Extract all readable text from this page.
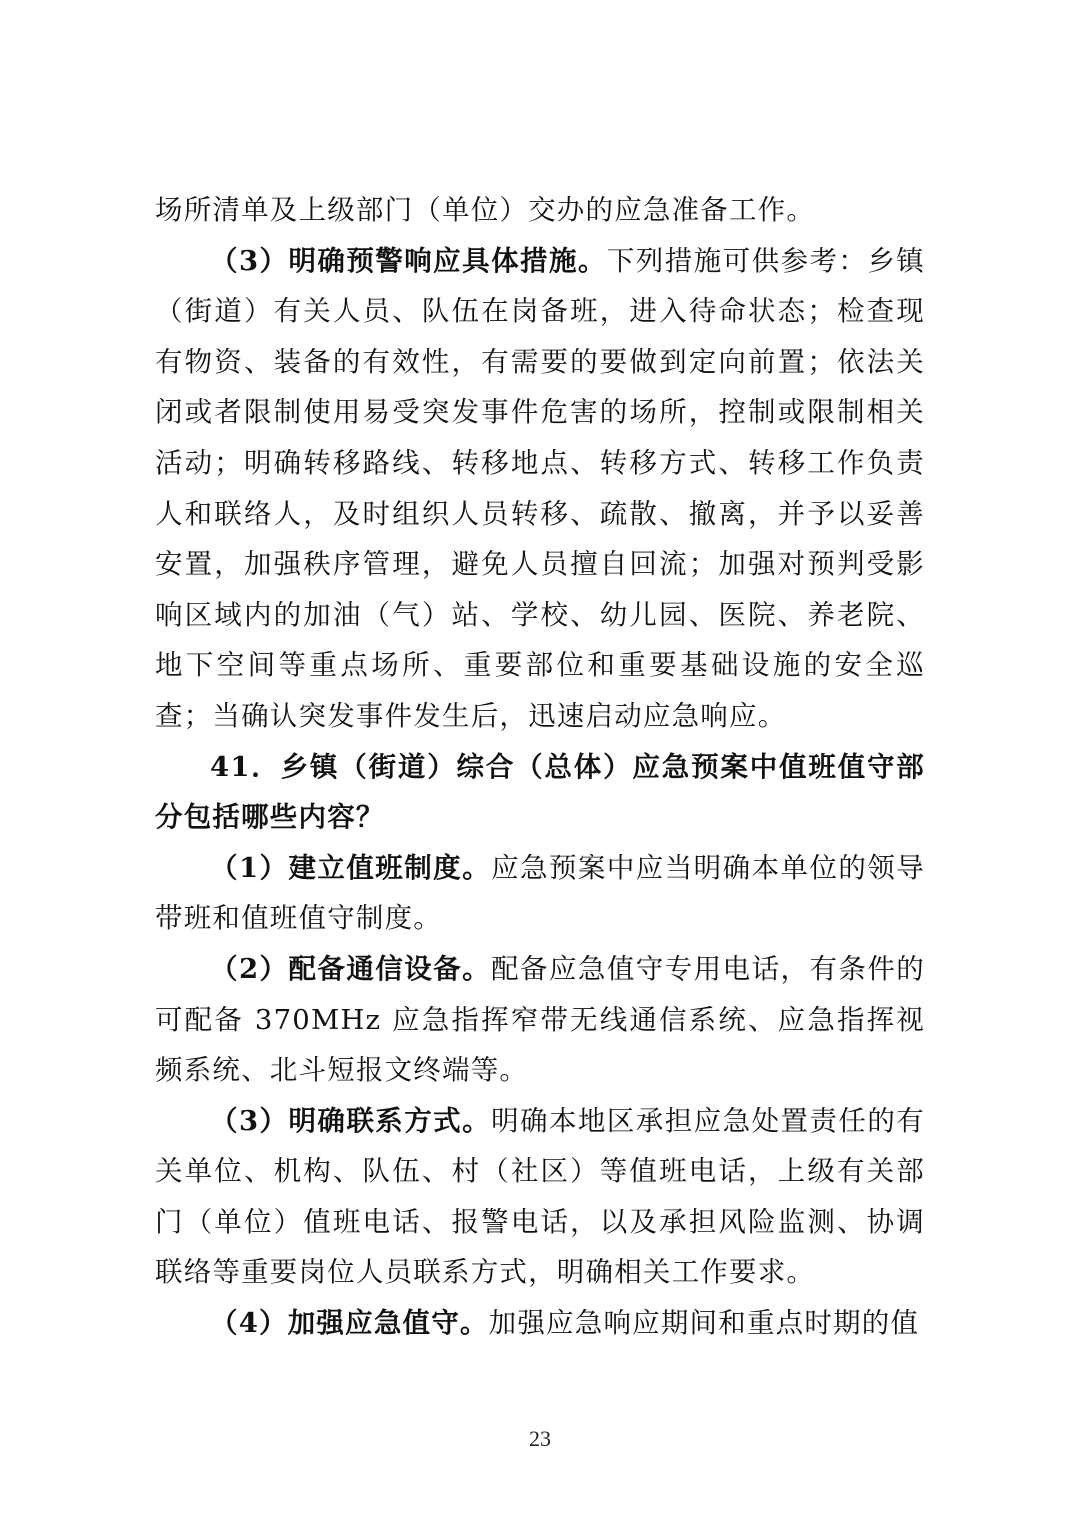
场所清单及上级部门（单位）交办的应急准备工作。

（3）明确预警响应具体措施。下列措施可供参考：乡镇（街道）有关人员、队伍在岗备班，进入待命状态；检查现有物资、装备的有效性，有需要的要做到定向前置；依法关闭或者限制使用易受突发事件危害的场所，控制或限制相关活动；明确转移路线、转移地点、转移方式、转移工作负责人和联络人，及时组织人员转移、疏散、撤离，并予以妥善安置，加强秩序管理，避免人员擅自回流；加强对预判受影响区域内的加油（气）站、学校、幼儿园、医院、养老院、地下空间等重点场所、重要部位和重要基础设施的安全巡查；当确认突发事件发生后，迅速启动应急响应。

41．乡镇（街道）综合（总体）应急预案中值班值守部分包括哪些内容？

（1）建立值班制度。应急预案中应当明确本单位的领导带班和值班值守制度。

（2）配备通信设备。配备应急值守专用电话，有条件的可配备 370MHz 应急指挥窄带无线通信系统、应急指挥视频系统、北斗短报文终端等。

（3）明确联系方式。明确本地区承担应急处置责任的有关单位、机构、队伍、村（社区）等值班电话，上级有关部门（单位）值班电话、报警电话，以及承担风险监测、协调联络等重要岗位人员联系方式，明确相关工作要求。

（4）加强应急值守。加强应急响应期间和重点时期的值

23
